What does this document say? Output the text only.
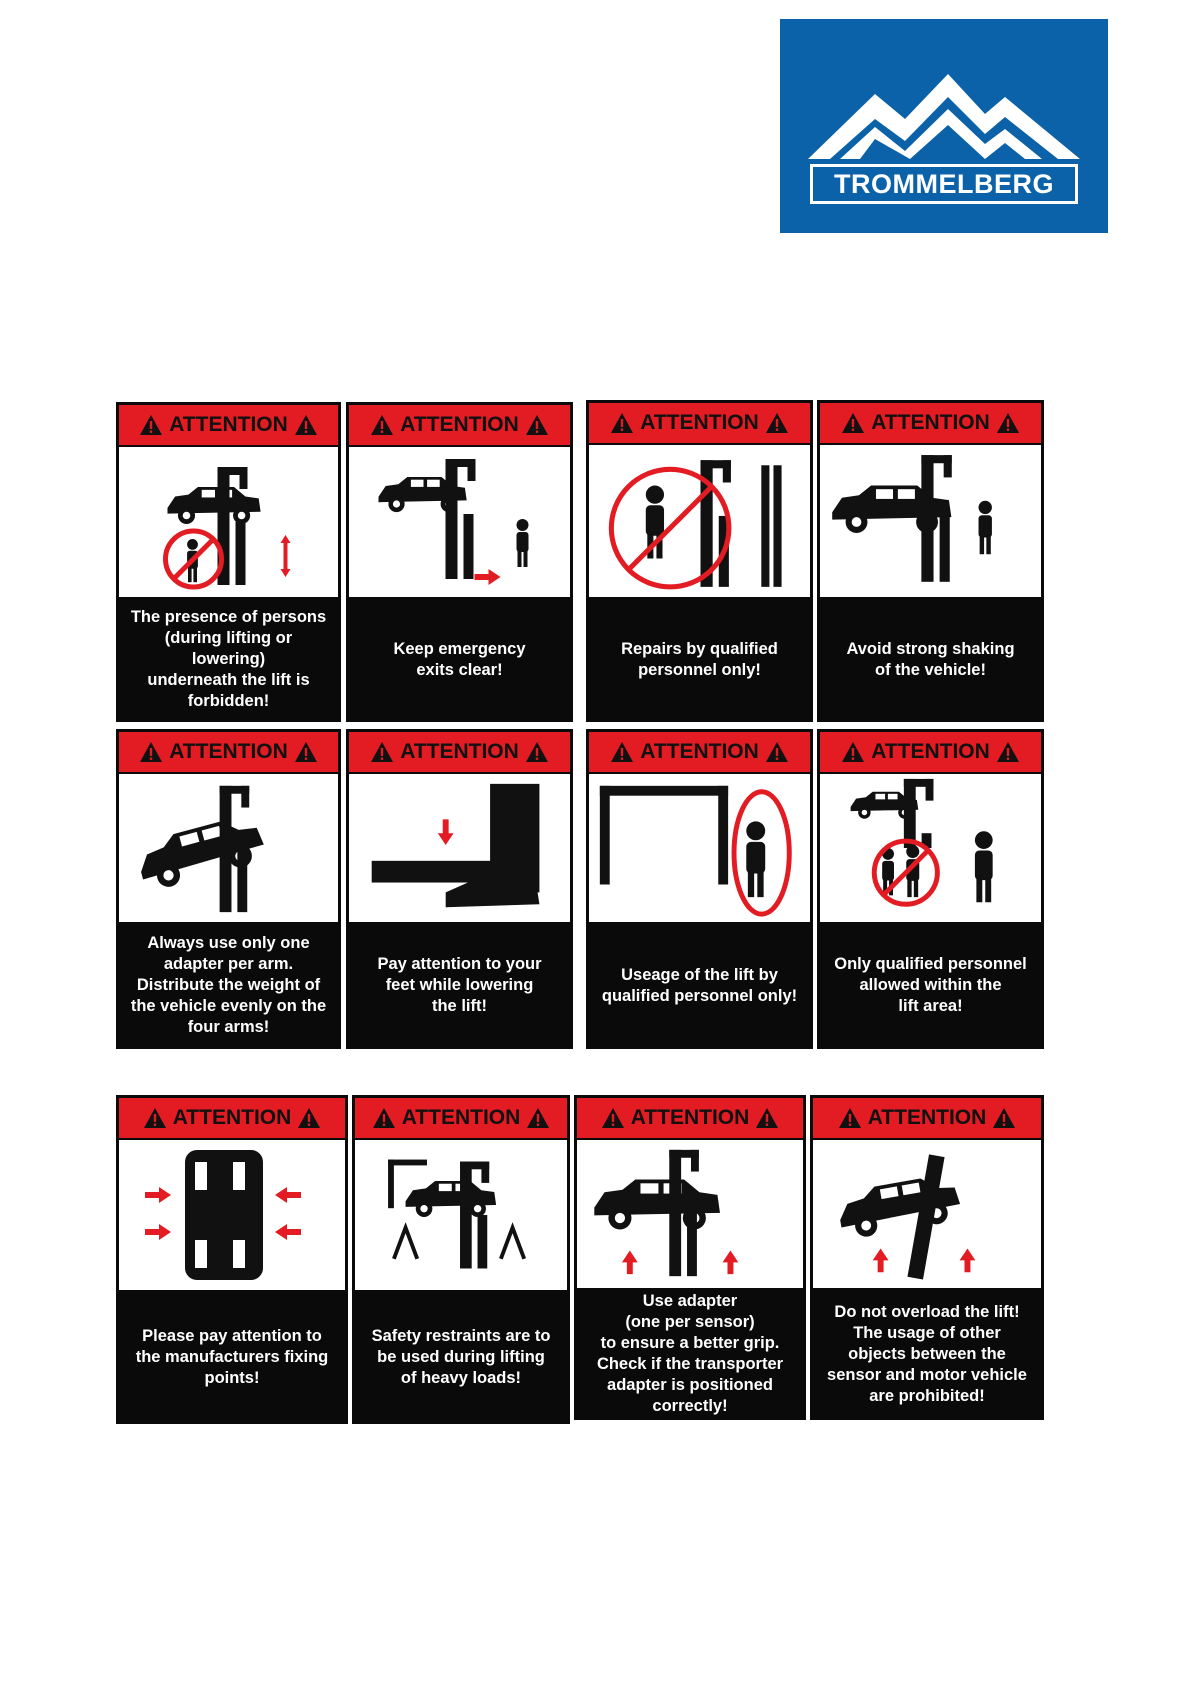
TROMMELBERG
ATTENTION
The presence of persons
(during lifting or lowering)
underneath the lift is
forbidden!
ATTENTION
Keep emergency
exits clear!
ATTENTION
Repairs by qualified
personnel only!
ATTENTION
Avoid strong shaking
of the vehicle!
ATTENTION
Always use only one
adapter per arm.
Distribute the weight of
the vehicle evenly on the
four arms!
ATTENTION
Pay attention to your
feet while lowering
the lift!
ATTENTION
Useage of the lift by
qualified personnel only!
ATTENTION
Only qualified personnel
allowed within the
lift area!
ATTENTION
Please pay attention to
the manufacturers fixing
points!
ATTENTION
Safety restraints are to
be used during lifting
of heavy loads!
ATTENTION
Use adapter
(one per sensor)
to ensure a better grip.
Check if the transporter
adapter is positioned
correctly!
ATTENTION
Do not overload the lift!
The usage of other
objects between the
sensor and motor vehicle
are prohibited!
